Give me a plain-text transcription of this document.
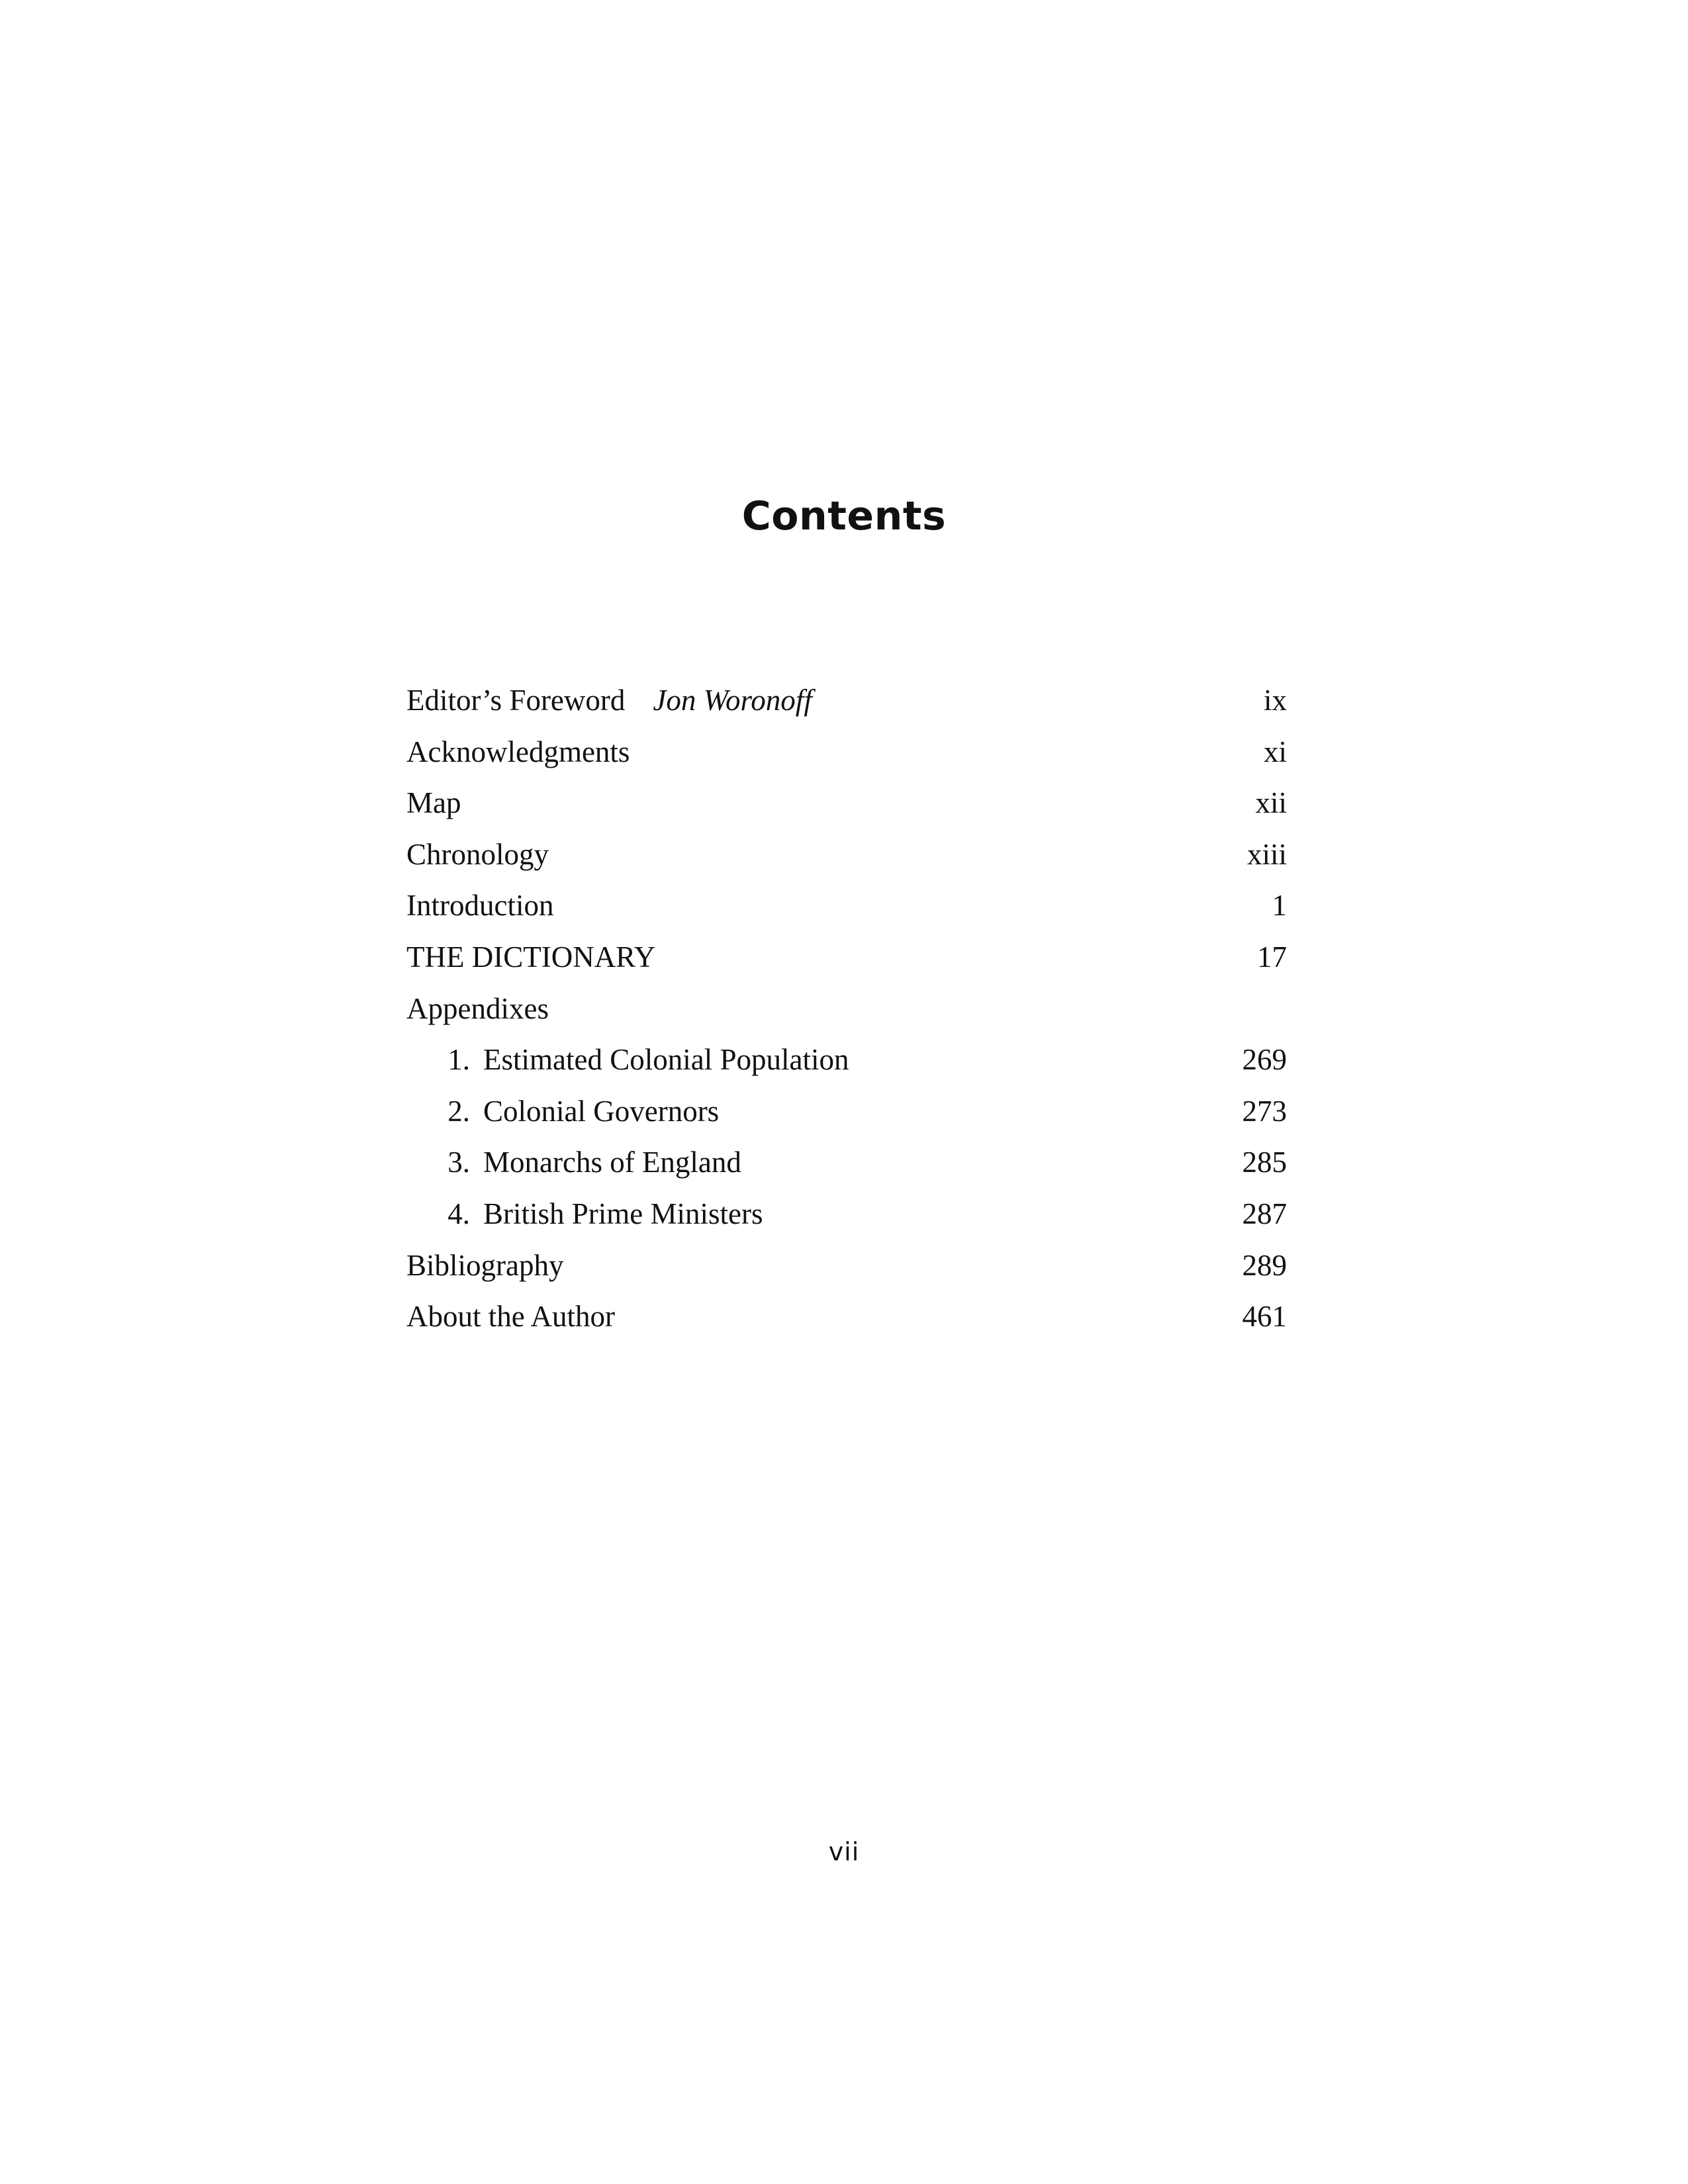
Contents
Editor’s Foreword Jon Woronoff	ix
Acknowledgments	xi
Map	xii
Chronology	xiii
Introduction	1
THE DICTIONARY	17
Appendixes
1. Estimated Colonial Population	269
2. Colonial Governors	273
3. Monarchs of England	285
4. British Prime Ministers	287
Bibliography	289
About the Author	461
vii
